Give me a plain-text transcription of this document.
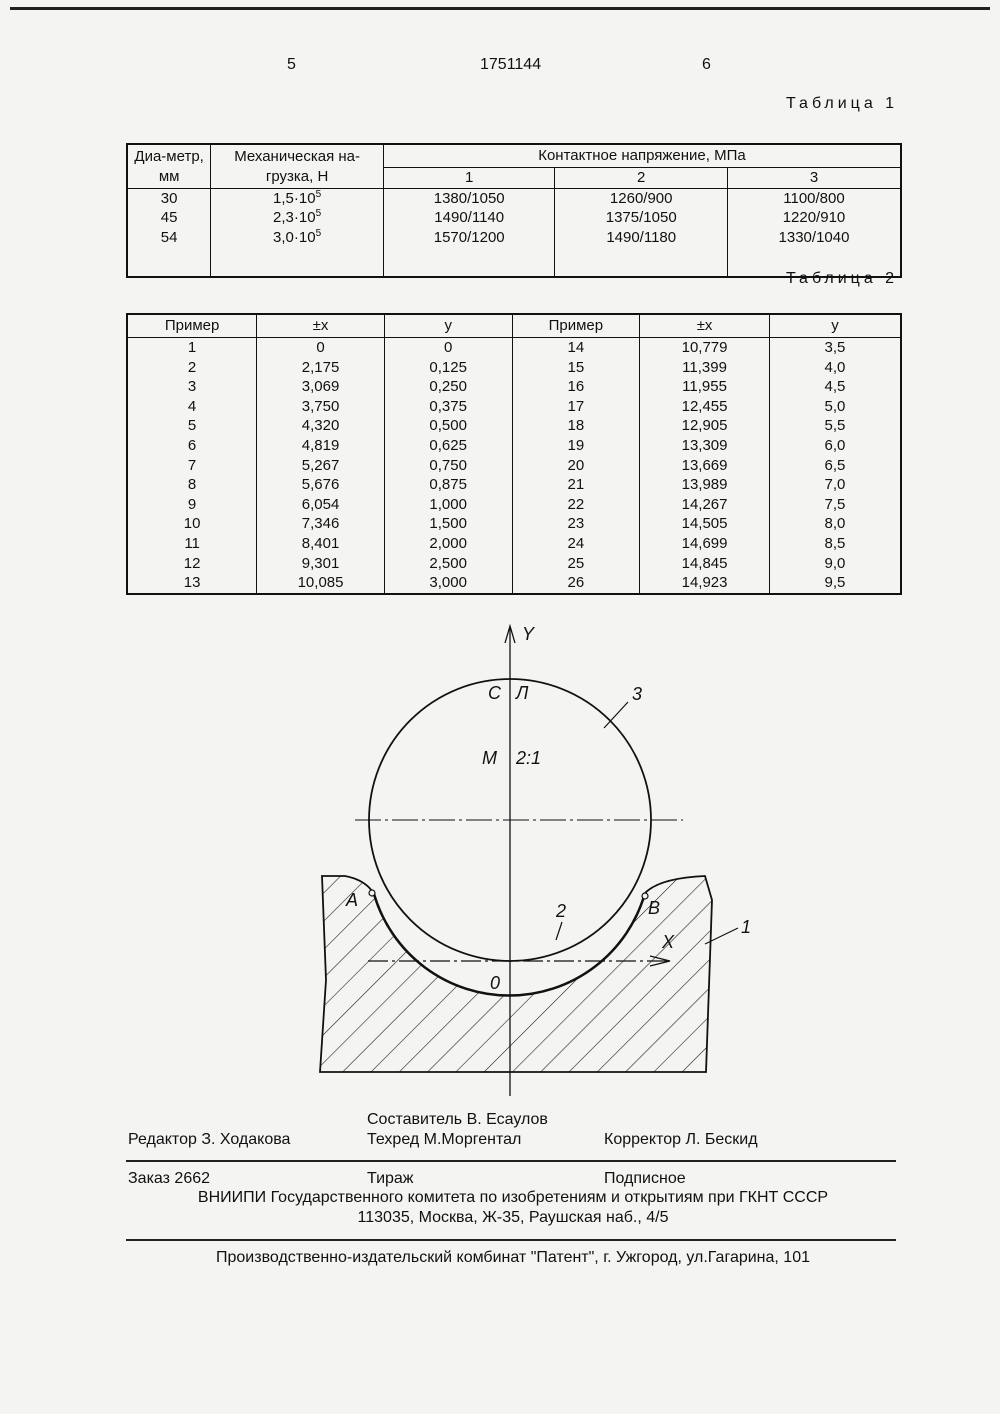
5	1751144	6
Таблица 1
Диа-метр, мм	Механическая на-грузка, Н	Контактное напряжение, МПа		
		1	2	3
30	$1,5\cdot 10^5$	1380/1050	1260/900	1100/800
45	$2,3\cdot 10^5$	1490/1140	1375/1050	1220/910
54	$3,0\cdot 10^5$	1570/1200	1490/1180	1330/1040

Таблица 2
Пример	±x	y	Пример	±x	y
1	0	0	14	10,779	3,5
2	2,175	0,125	15	11,399	4,0
3	3,069	0,250	16	11,955	4,5
4	3,750	0,375	17	12,455	5,0
5	4,320	0,500	18	12,905	5,5
6	4,819	0,625	19	13,309	6,0
7	5,267	0,750	20	13,669	6,5
8	5,676	0,875	21	13,989	7,0
9	6,054	1,000	22	14,267	7,5
10	7,346	1,500	23	14,505	8,0
11	8,401	2,000	24	14,699	8,5
12	9,301	2,500	25	14,845	9,0
13	10,085	3,000	26	14,923	9,5
Y
С Л	3
М 2:1
А	В
2
X
1
0
Составитель В. Есаулов
Редактор З. Ходакова	Техред М.Моргентал	Корректор Л. Бескид
Заказ 2662	Тираж	Подписное
ВНИИПИ Государственного комитета по изобретениям и открытиям при ГКНТ СССР
113035, Москва, Ж-35, Раушская наб., 4/5
Производственно-издательский комбинат "Патент", г. Ужгород, ул.Гагарина, 101
